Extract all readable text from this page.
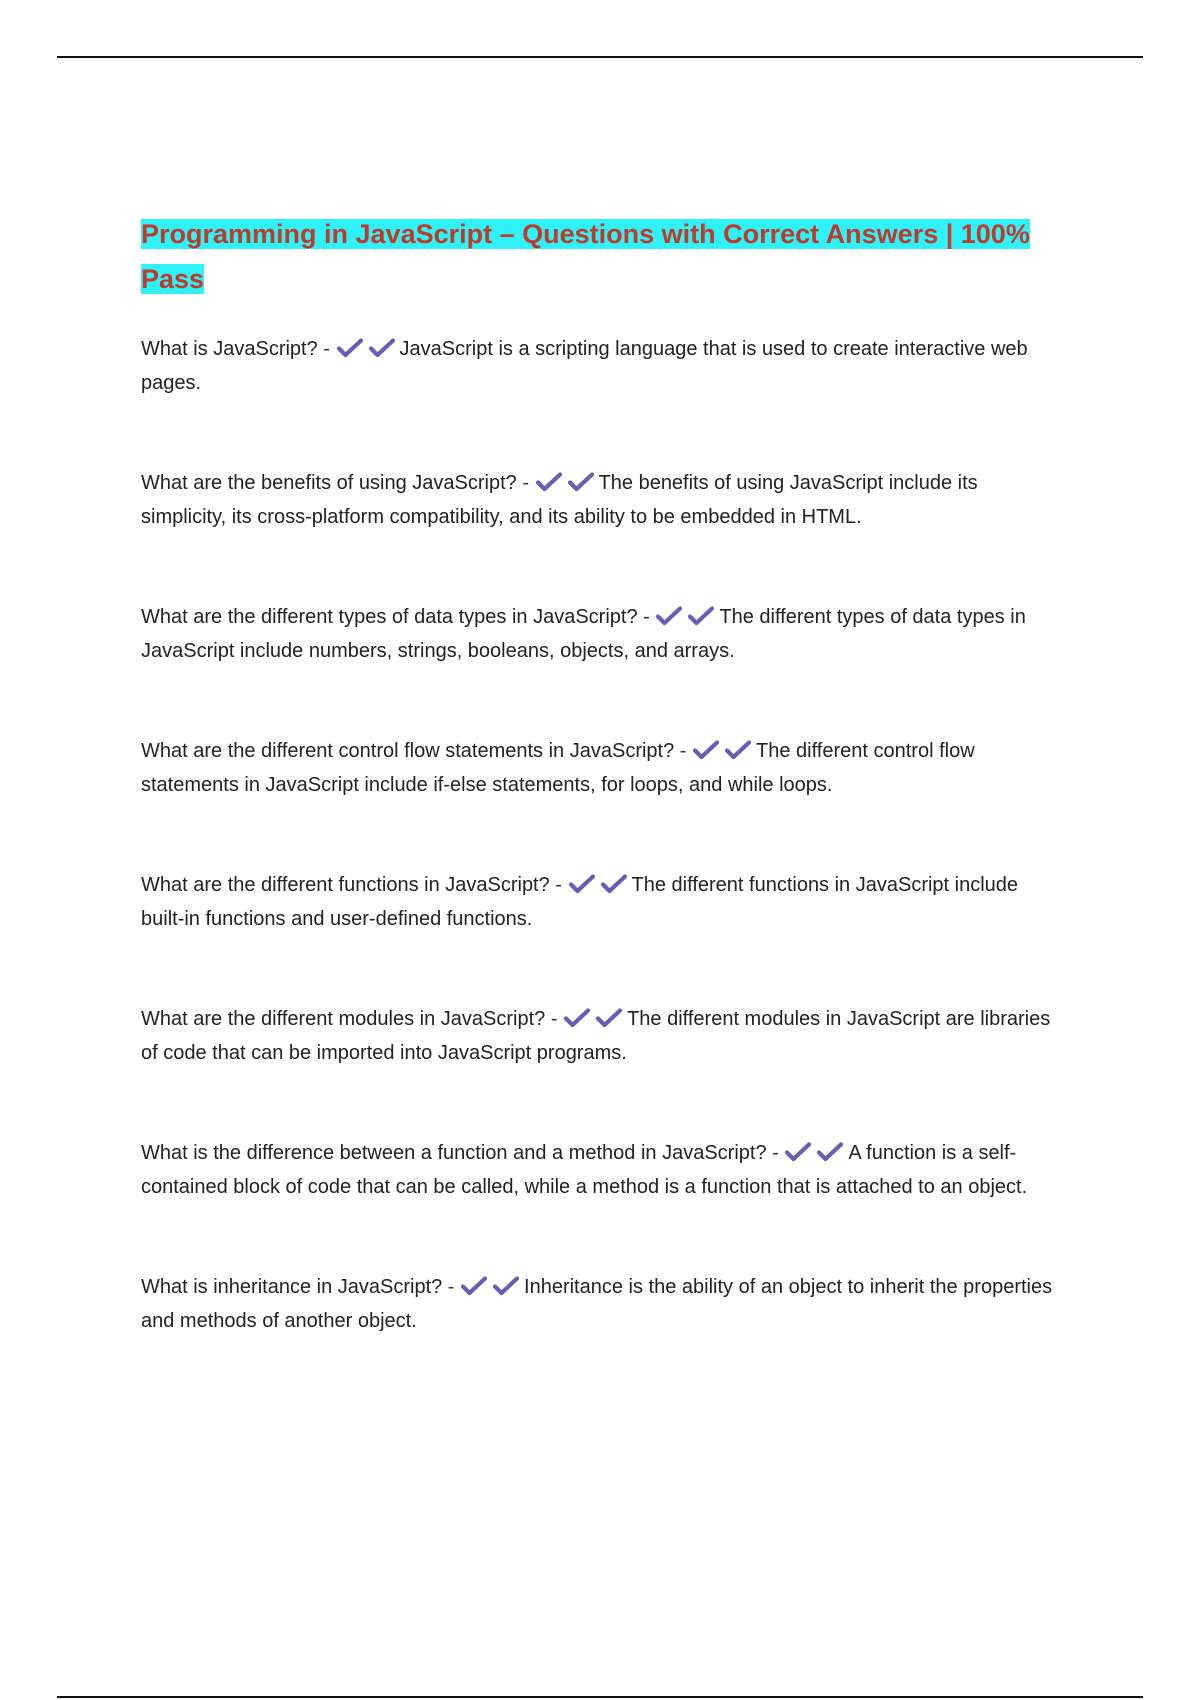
Programming in JavaScript – Questions with Correct Answers | 100% Pass

What is JavaScript? -	JavaScript is a scripting language that is used to create interactive web pages.

What are the benefits of using JavaScript? -	The benefits of using JavaScript include its simplicity, its cross-platform compatibility, and its ability to be embedded in HTML.

What are the different types of data types in JavaScript? -	The different types of data types in JavaScript include numbers, strings, booleans, objects, and arrays.

What are the different control flow statements in JavaScript? -	The different control flow statements in JavaScript include if-else statements, for loops, and while loops.

What are the different functions in JavaScript? -	The different functions in JavaScript include built-in functions and user-defined functions.

What are the different modules in JavaScript? -	The different modules in JavaScript are libraries of code that can be imported into JavaScript programs.

What is the difference between a function and a method in JavaScript? -	A function is a self-contained block of code that can be called, while a method is a function that is attached to an object.

What is inheritance in JavaScript? -	Inheritance is the ability of an object to inherit the properties and methods of another object.
